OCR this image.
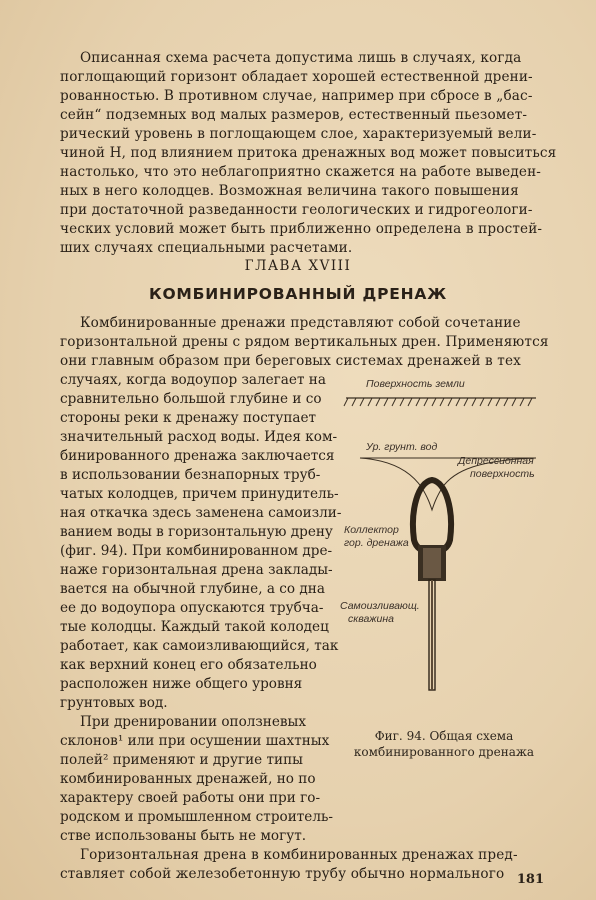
Описанная схема расчета допустима лишь в случаях, когда
поглощающий горизонт обладает хорошей естественной дрени-
рованностью. В противном случае, например при сбросе в „бас-
сейн“ подземных вод малых размеров, естественный пьезомет-
рический уровень в поглощающем слое, характеризуемый вели-
чиной H, под влиянием притока дренажных вод может повыситься
настолько, что это неблагоприятно скажется на работе выведен-
ных в него колодцев. Возможная величина такого повышения
при достаточной разведанности геологических и гидрогеологи-
ческих условий может быть приближенно определена в простей-
ших случаях специальными расчетами.
ГЛАВА XVIII
КОМБИНИРОВАННЫЙ ДРЕНАЖ
Комбинированные дренажи представляют собой сочетание
горизонтальной дрены с рядом вертикальных дрен. Применяются
они главным образом при береговых системах дренажей в тех
случаях, когда водоупор залегает на
сравнительно большой глубине и со
стороны реки к дренажу поступает
значительный расход воды. Идея ком-
бинированного дренажа заключается
в использовании безнапорных труб-
чатых колодцев, причем принудитель-
ная откачка здесь заменена самоизли-
ванием воды в горизонтальную дрену
(фиг. 94). При комбинированном дре-
наже горизонтальная дрена заклады-
вается на обычной глубине, а со дна
ее до водоупора опускаются трубча-
тые колодцы. Каждый такой колодец
работает, как самоизливающийся, так
как верхний конец его обязательно
расположен ниже общего уровня
грунтовых вод.
При дренировании оползневых
склонов¹ или при осушении шахтных
полей² применяют и другие типы
комбинированных дренажей, но по
характеру своей работы они при го-
родском и промышленном строитель-
стве использованы быть не могут.
Поверхность земли
Ур. грунт. вод
Депрессионная
поверхность
Коллектор
гор. дренажа
Самоизливающ.
скважина
Фиг. 94. Общая схема комбинированного дренажа
Горизонтальная дрена в комбинированных дренажах пред-
ставляет собой железобетонную трубу обычно нормального 181
